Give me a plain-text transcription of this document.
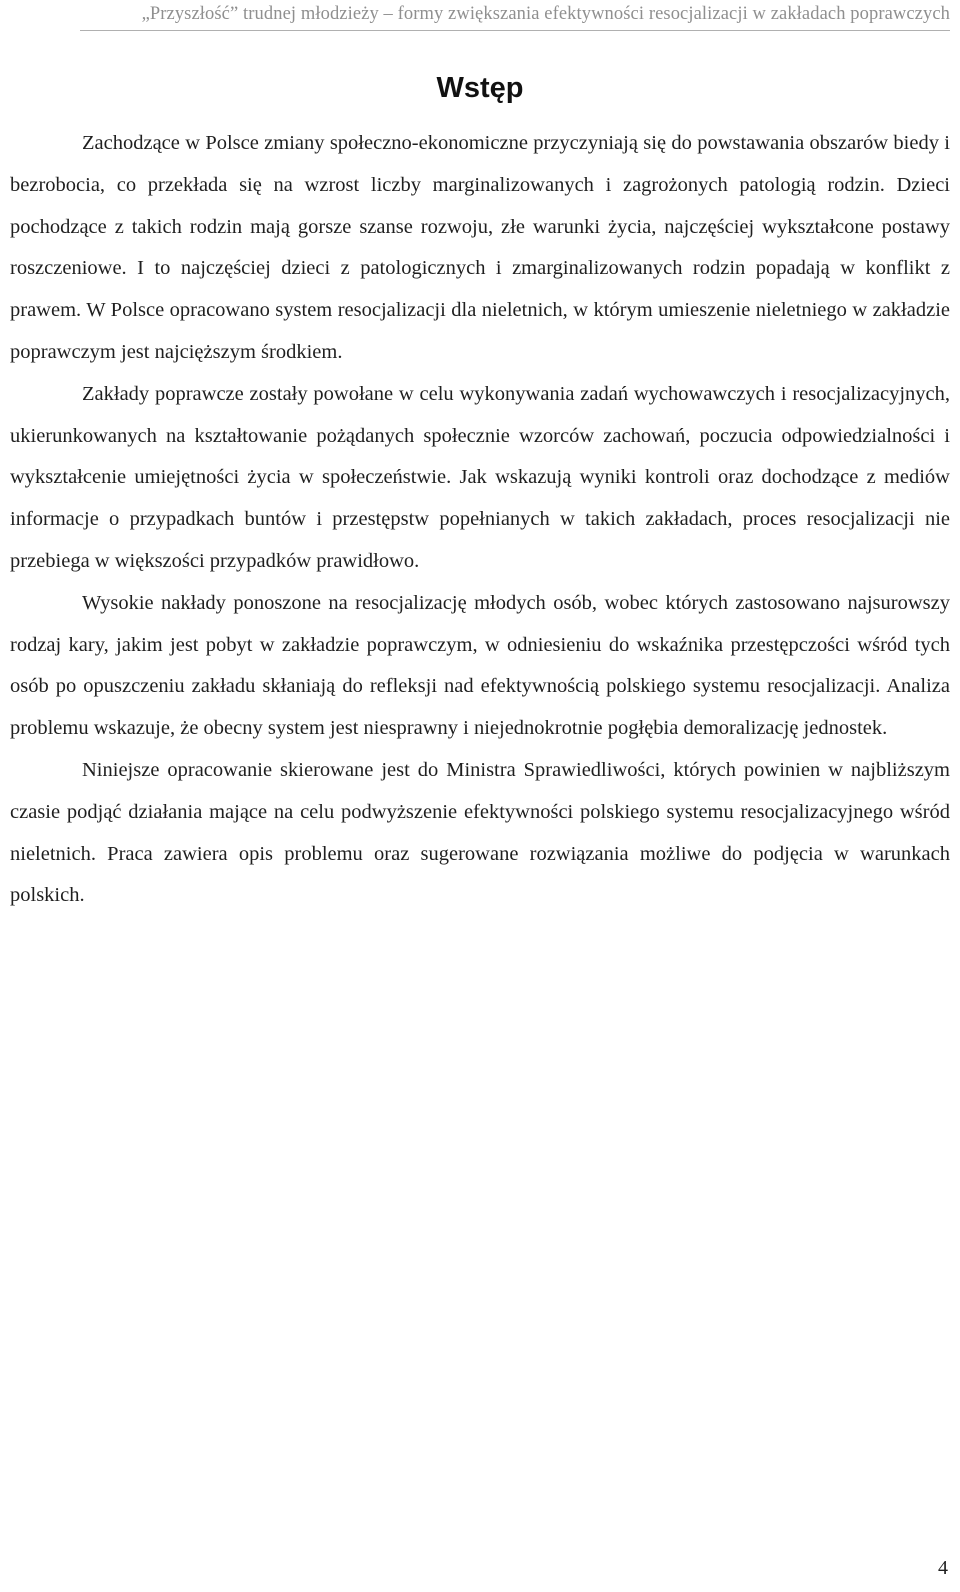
„Przyszłość” trudnej młodzieży – formy zwiększania efektywności resocjalizacji w zakładach poprawczych
Wstęp

Zachodzące w Polsce zmiany społeczno-ekonomiczne przyczyniają się do powstawania obszarów biedy i bezrobocia, co przekłada się na wzrost liczby marginalizowanych i zagrożonych patologią rodzin. Dzieci pochodzące z takich rodzin mają gorsze szanse rozwoju, złe warunki życia, najczęściej wykształcone postawy roszczeniowe. I to najczęściej dzieci z patologicznych i zmarginalizowanych rodzin popadają w konflikt z prawem. W Polsce opracowano system resocjalizacji dla nieletnich, w którym umieszenie nieletniego w zakładzie poprawczym jest najcięższym środkiem.

Zakłady poprawcze zostały powołane w celu wykonywania zadań wychowawczych i resocjalizacyjnych, ukierunkowanych na kształtowanie pożądanych społecznie wzorców zachowań, poczucia odpowiedzialności i wykształcenie umiejętności życia w społeczeństwie. Jak wskazują wyniki kontroli oraz dochodzące z mediów informacje o przypadkach buntów i przestępstw popełnianych w takich zakładach, proces resocjalizacji nie przebiega w większości przypadków prawidłowo.

Wysokie nakłady ponoszone na resocjalizację młodych osób, wobec których zastosowano najsurowszy rodzaj kary, jakim jest pobyt w zakładzie poprawczym, w odniesieniu do wskaźnika przestępczości wśród tych osób po opuszczeniu zakładu skłaniają do refleksji nad efektywnością polskiego systemu resocjalizacji. Analiza problemu wskazuje, że obecny system jest niesprawny i niejednokrotnie pogłębia demoralizację jednostek.

Niniejsze opracowanie skierowane jest do Ministra Sprawiedliwości, których powinien w najbliższym czasie podjąć działania mające na celu podwyższenie efektywności polskiego systemu resocjalizacyjnego wśród nieletnich. Praca zawiera opis problemu oraz sugerowane rozwiązania możliwe do podjęcia w warunkach polskich.

4
